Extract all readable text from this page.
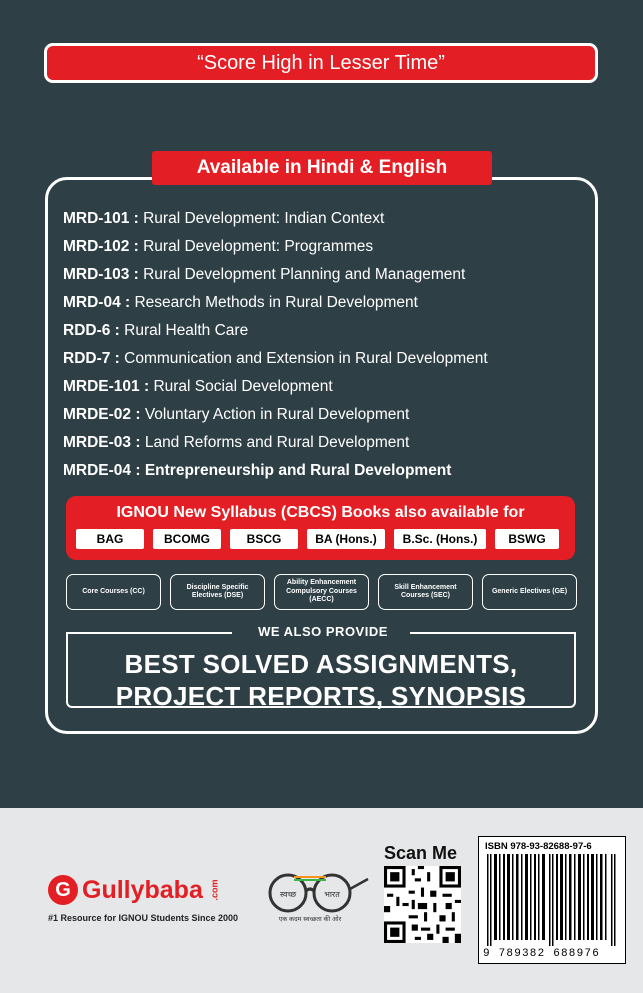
“Score High in Lesser Time”
Available in Hindi & English
MRD-101 : Rural Development: Indian Context
MRD-102 : Rural Development: Programmes
MRD-103 : Rural Development Planning and Management
MRD-04 : Research Methods in Rural Development
RDD-6 : Rural Health Care
RDD-7 : Communication and Extension in Rural Development
MRDE-101 : Rural Social Development
MRDE-02 : Voluntary Action in Rural Development
MRDE-03 : Land Reforms and Rural Development
MRDE-04 : Entrepreneurship and Rural Development
IGNOU New Syllabus (CBCS) Books also available for
BAG	BCOMG	BSCG	BA (Hons.)	B.Sc. (Hons.)	BSWG
Core Courses (CC)
Discipline Specific Electives (DSE)
Ability Enhancement Compulsory Courses (AECC)
Skill Enhancement Courses (SEC)
Generic Electives (GE)
WE ALSO PROVIDE
BEST SOLVED ASSIGNMENTS,
PROJECT REPORTS, SYNOPSIS
G Gullybaba .com
#1 Resource for IGNOU Students Since 2000
स्वच्छ	भारत
एक कदम स्वच्छता की ओर
Scan Me	ISBN 978-93-82688-97-6
9 789382 688976
